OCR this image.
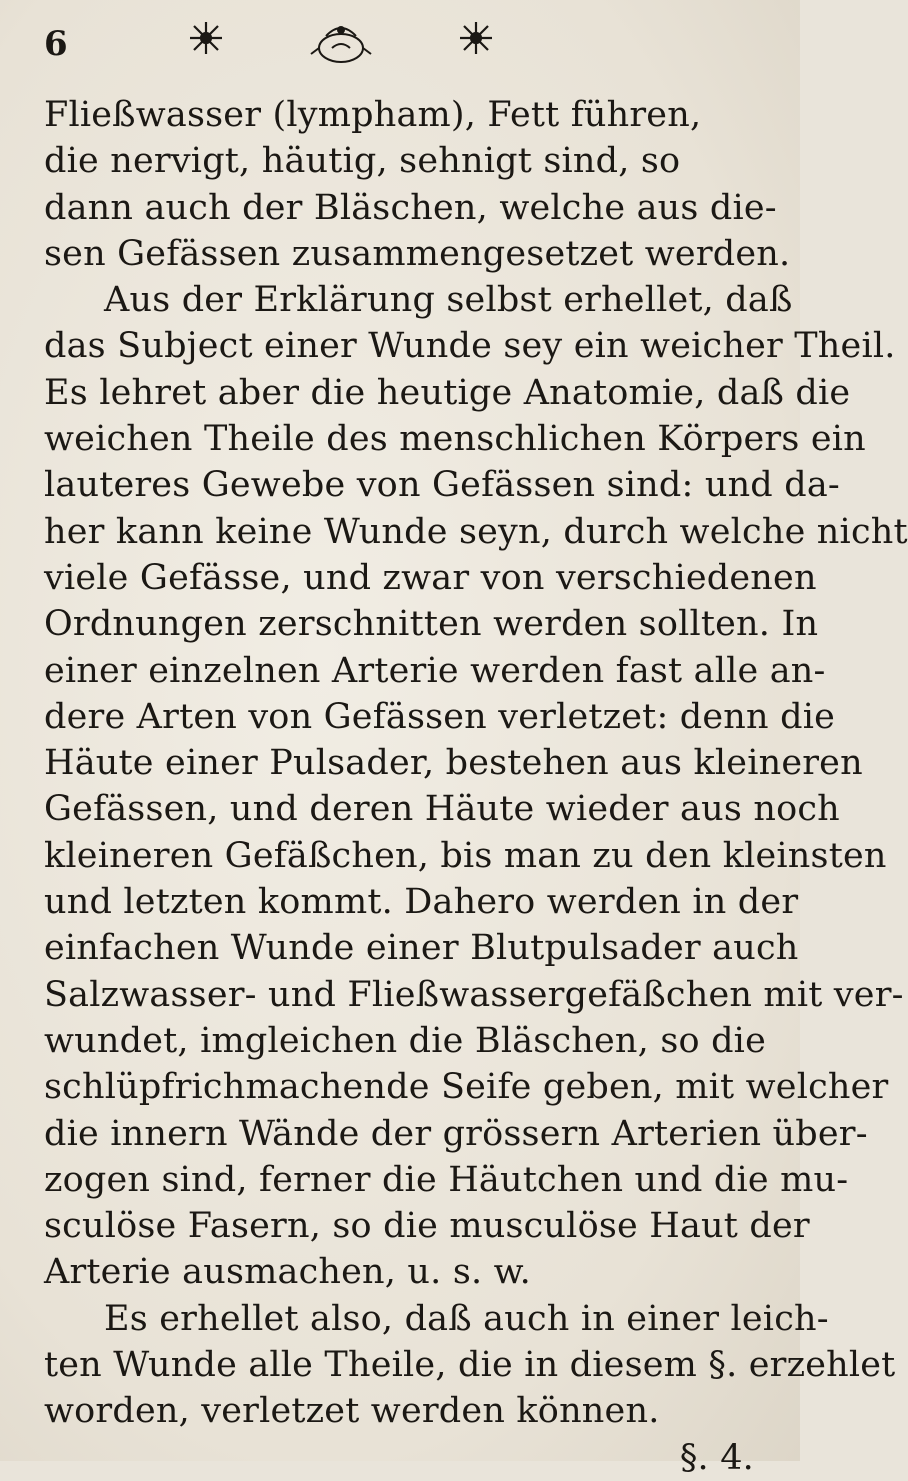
6
Fließwasser (lympham), Fett führen,
die nervigt, häutig, sehnigt sind, so
dann auch der Bläschen, welche aus die-
sen Gefässen zusammengesetzet werden.
Aus der Erklärung selbst erhellet, daß
das Subject einer Wunde sey ein weicher Theil.
Es lehret aber die heutige Anatomie, daß die
weichen Theile des menschlichen Körpers ein
lauteres Gewebe von Gefässen sind: und da-
her kann keine Wunde seyn, durch welche nicht
viele Gefässe, und zwar von verschiedenen
Ordnungen zerschnitten werden sollten. In
einer einzelnen Arterie werden fast alle an-
dere Arten von Gefässen verletzet: denn die
Häute einer Pulsader, bestehen aus kleineren
Gefässen, und deren Häute wieder aus noch
kleineren Gefäßchen, bis man zu den kleinsten
und letzten kommt. Dahero werden in der
einfachen Wunde einer Blutpulsader auch
Salzwasser- und Fließwassergefäßchen mit ver-
wundet, imgleichen die Bläschen, so die
schlüpfrichmachende Seife geben, mit welcher
die innern Wände der grössern Arterien über-
zogen sind, ferner die Häutchen und die mu-
sculöse Fasern, so die musculöse Haut der
Arterie ausmachen, u. s. w.
Es erhellet also, daß auch in einer leich-
ten Wunde alle Theile, die in diesem §. erzehlet
worden, verletzet werden können.
§. 4.
